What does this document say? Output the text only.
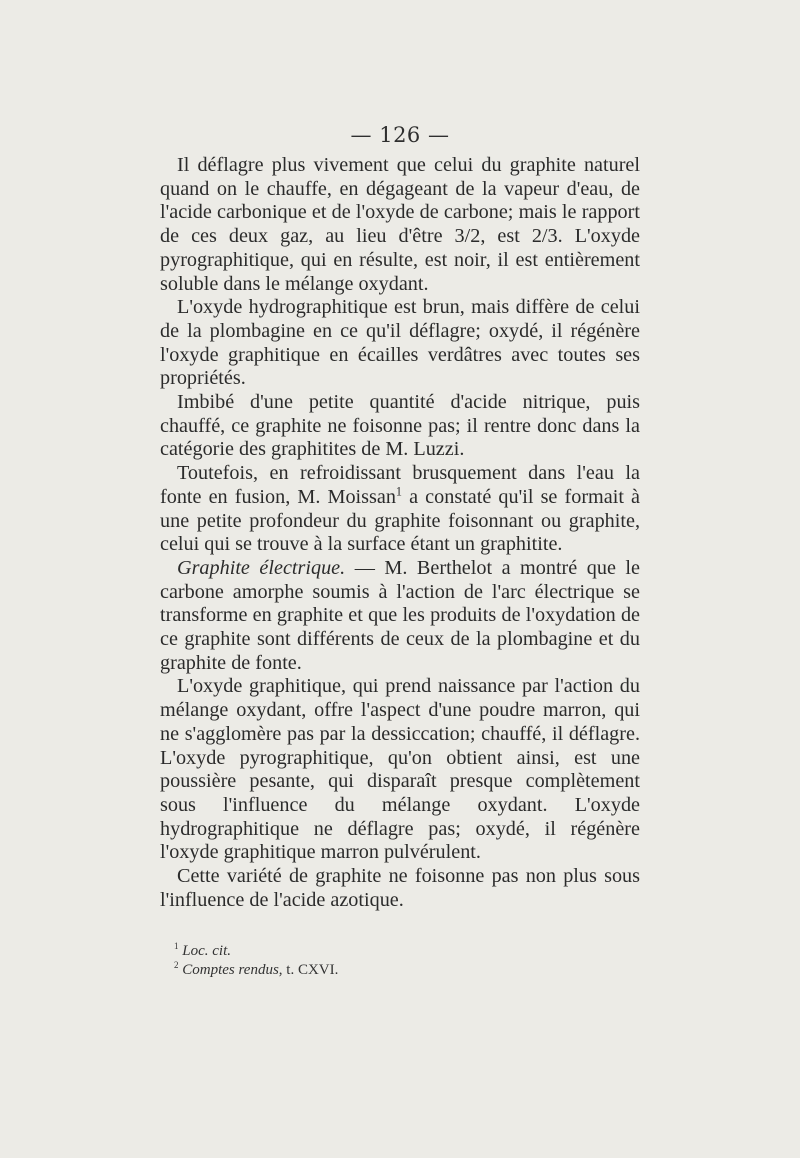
— 126 —

Il déflagre plus vivement que celui du graphite naturel quand on le chauffe, en dégageant de la vapeur d'eau, de l'acide carbonique et de l'oxyde de carbone; mais le rapport de ces deux gaz, au lieu d'être 3/2, est 2/3. L'oxyde pyrographitique, qui en résulte, est noir, il est entièrement soluble dans le mélange oxydant.

L'oxyde hydrographitique est brun, mais diffère de celui de la plombagine en ce qu'il déflagre; oxydé, il régénère l'oxyde graphitique en écailles verdâtres avec toutes ses propriétés.

Imbibé d'une petite quantité d'acide nitrique, puis chauffé, ce graphite ne foisonne pas; il rentre donc dans la catégorie des graphitites de M. Luzzi.

Toutefois, en refroidissant brusquement dans l'eau la fonte en fusion, M. Moissan$^1$ a constaté qu'il se formait à une petite profondeur du graphite foisonnant ou graphite, celui qui se trouve à la surface étant un graphitite.

Graphite électrique. — M. Berthelot a montré que le carbone amorphe soumis à l'action de l'arc électrique se transforme en graphite et que les produits de l'oxydation de ce graphite sont différents de ceux de la plombagine et du graphite de fonte.

L'oxyde graphitique, qui prend naissance par l'action du mélange oxydant, offre l'aspect d'une poudre marron, qui ne s'agglomère pas par la dessiccation; chauffé, il déflagre. L'oxyde pyrographitique, qu'on obtient ainsi, est une poussière pesante, qui disparaît presque complètement sous l'influence du mélange oxydant. L'oxyde hydrographitique ne déflagre pas; oxydé, il régénère l'oxyde graphitique marron pulvérulent.

Cette variété de graphite ne foisonne pas non plus sous l'influence de l'acide azotique.

$^1$ Loc. cit.
$^2$ Comptes rendus, t. CXVI.
